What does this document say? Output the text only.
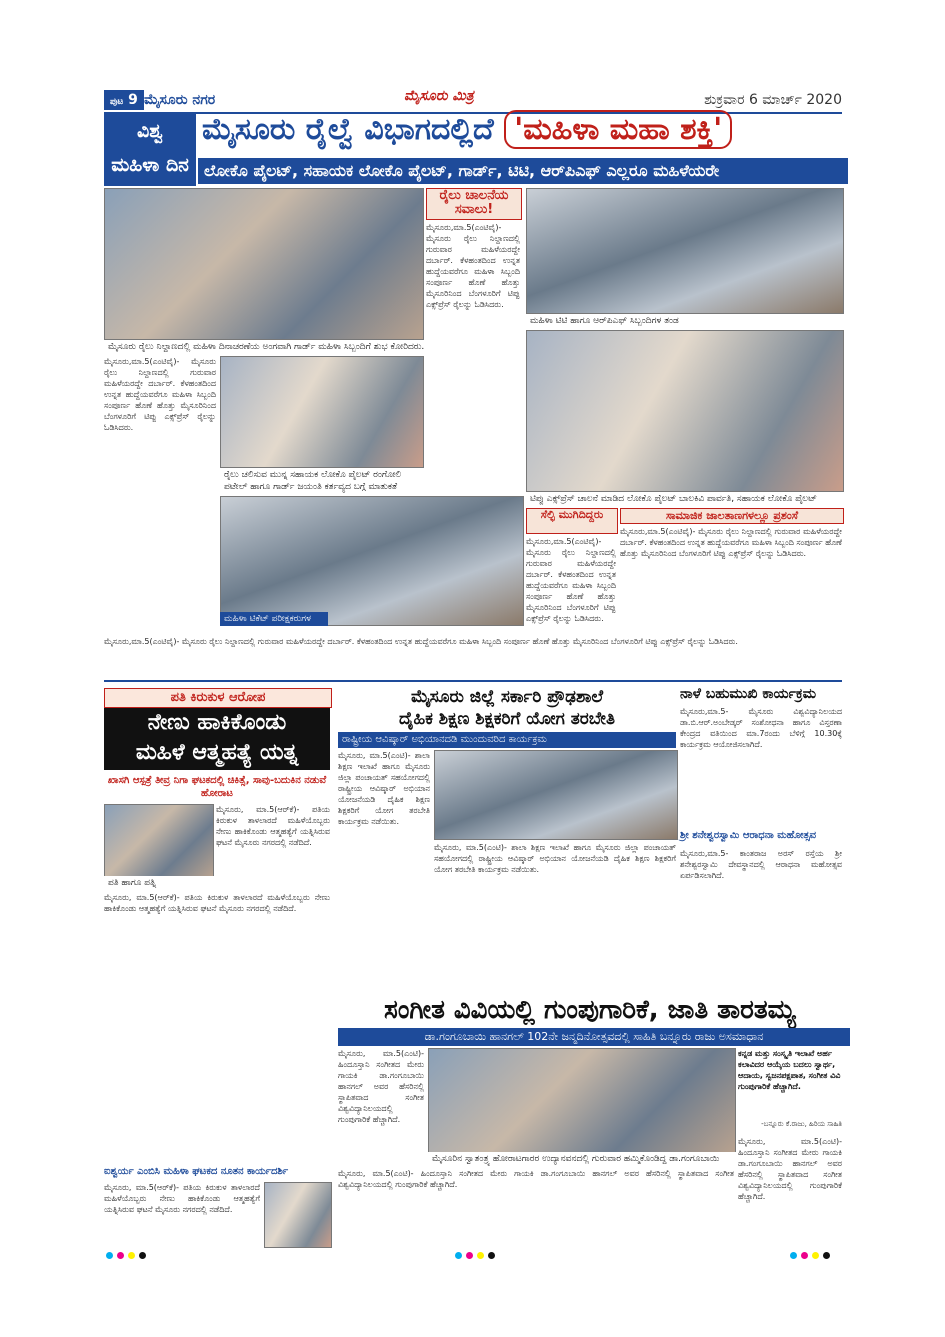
ಪುಟ 9 ಮೈಸೂರು ನಗರ	ಮೈಸೂರು ಮಿತ್ರ	ಶುಕ್ರವಾರ 6 ಮಾರ್ಚ್ 2020
ವಿಶ್ವ
ಮಹಿಳಾ ದಿನ
ಮೈಸೂರು ರೈಲ್ವೆ ವಿಭಾಗದಲ್ಲಿದೆ 'ಮಹಿಳಾ ಮಹಾ ಶಕ್ತಿ'
ಲೋಕೊ ಪೈಲಟ್, ಸಹಾಯಕ ಲೋಕೊ ಪೈಲಟ್, ಗಾರ್ಡ್, ಟಿಟಿ, ಆರ್‌ಪಿಎಫ್ ಎಲ್ಲರೂ ಮಹಿಳೆಯರೇ
ಮೈಸೂರು ರೈಲು ನಿಲ್ದಾಣದಲ್ಲಿ ಮಹಿಳಾ ದಿನಾಚರಣೆಯ ಅಂಗವಾಗಿ ಗಾರ್ಡ್ ಮಹಿಳಾ ಸಿಬ್ಬಂದಿಗೆ ಶುಭ ಕೋರಿದರು.
ರೈಲು ಚಾಲನೆಯ ಸವಾಲು!
ಮೈಸೂರು,ಮಾ.5(ಎಂಟಿವೈ)- ಮೈಸೂರು ರೈಲು ನಿಲ್ದಾಣದಲ್ಲಿ ಗುರುವಾರ ಮಹಿಳೆಯರದ್ದೇ ದರ್ಬಾರ್. ಕೆಳಹಂತದಿಂದ ಉನ್ನತ ಹುದ್ದೆಯವರೆಗೂ ಮಹಿಳಾ ಸಿಬ್ಬಂದಿ ಸಂಪೂರ್ಣ ಹೊಣೆ ಹೊತ್ತು ಮೈಸೂರಿನಿಂದ ಬೆಂಗಳೂರಿಗೆ ಟಿಪ್ಪು ಎಕ್ಸ್‌ಪ್ರೆಸ್ ರೈಲನ್ನು ಓಡಿಸಿದರು.
ಮಹಿಳಾ ಟಿಟಿ ಹಾಗೂ ಆರ್‌ಪಿಎಫ್ ಸಿಬ್ಬಂದಿಗಳ ತಂಡ
ಟಿಪ್ಪು ಎಕ್ಸ್‌ಪ್ರೆಸ್ ಚಾಲನೆ ಮಾಡಿದ ಲೋಕೊ ಪೈಲಟ್ ಬಾಲಕಿವಿ ಪಾರ್ವತಿ, ಸಹಾಯಕ ಲೋಕೊ ಪೈಲಟ್
ಮೈಸೂರು,ಮಾ.5(ಎಂಟಿವೈ)- ಮೈಸೂರು ರೈಲು ನಿಲ್ದಾಣದಲ್ಲಿ ಗುರುವಾರ ಮಹಿಳೆಯರದ್ದೇ ದರ್ಬಾರ್. ಕೆಳಹಂತದಿಂದ ಉನ್ನತ ಹುದ್ದೆಯವರೆಗೂ ಮಹಿಳಾ ಸಿಬ್ಬಂದಿ ಸಂಪೂರ್ಣ ಹೊಣೆ ಹೊತ್ತು ಮೈಸೂರಿನಿಂದ ಬೆಂಗಳೂರಿಗೆ ಟಿಪ್ಪು ಎಕ್ಸ್‌ಪ್ರೆಸ್ ರೈಲನ್ನು ಓಡಿಸಿದರು.
ರೈಲು ಚಲಿಸುವ ಮುನ್ನ ಸಹಾಯಕ ಲೋಕೊ ಪೈಲಟ್ ರಂಗೋಲಿ ಪಟೇಲ್ ಹಾಗೂ ಗಾರ್ಡ್ ಜಯಂತಿ ಕರ್ತವ್ಯದ ಬಗ್ಗೆ ಮಾತುಕತೆ
ಮಹಿಳಾ ಟಿಕೆಟ್ ಪರೀಕ್ಷಕರುಗಳ
ಸೆಲ್ಫಿ ಮುಗಿದಿದ್ದರು
ಮೈಸೂರು,ಮಾ.5(ಎಂಟಿವೈ)- ಮೈಸೂರು ರೈಲು ನಿಲ್ದಾಣದಲ್ಲಿ ಗುರುವಾರ ಮಹಿಳೆಯರದ್ದೇ ದರ್ಬಾರ್. ಕೆಳಹಂತದಿಂದ ಉನ್ನತ ಹುದ್ದೆಯವರೆಗೂ ಮಹಿಳಾ ಸಿಬ್ಬಂದಿ ಸಂಪೂರ್ಣ ಹೊಣೆ ಹೊತ್ತು ಮೈಸೂರಿನಿಂದ ಬೆಂಗಳೂರಿಗೆ ಟಿಪ್ಪು ಎಕ್ಸ್‌ಪ್ರೆಸ್ ರೈಲನ್ನು ಓಡಿಸಿದರು.
ಸಾಮಾಜಿಕ ಜಾಲತಾಣಗಳಲ್ಲೂ ಪ್ರಶಂಸೆ
ಮೈಸೂರು,ಮಾ.5(ಎಂಟಿವೈ)- ಮೈಸೂರು ರೈಲು ನಿಲ್ದಾಣದಲ್ಲಿ ಗುರುವಾರ ಮಹಿಳೆಯರದ್ದೇ ದರ್ಬಾರ್. ಕೆಳಹಂತದಿಂದ ಉನ್ನತ ಹುದ್ದೆಯವರೆಗೂ ಮಹಿಳಾ ಸಿಬ್ಬಂದಿ ಸಂಪೂರ್ಣ ಹೊಣೆ ಹೊತ್ತು ಮೈಸೂರಿನಿಂದ ಬೆಂಗಳೂರಿಗೆ ಟಿಪ್ಪು ಎಕ್ಸ್‌ಪ್ರೆಸ್ ರೈಲನ್ನು ಓಡಿಸಿದರು.
ಮೈಸೂರು,ಮಾ.5(ಎಂಟಿವೈ)- ಮೈಸೂರು ರೈಲು ನಿಲ್ದಾಣದಲ್ಲಿ ಗುರುವಾರ ಮಹಿಳೆಯರದ್ದೇ ದರ್ಬಾರ್. ಕೆಳಹಂತದಿಂದ ಉನ್ನತ ಹುದ್ದೆಯವರೆಗೂ ಮಹಿಳಾ ಸಿಬ್ಬಂದಿ ಸಂಪೂರ್ಣ ಹೊಣೆ ಹೊತ್ತು ಮೈಸೂರಿನಿಂದ ಬೆಂಗಳೂರಿಗೆ ಟಿಪ್ಪು ಎಕ್ಸ್‌ಪ್ರೆಸ್ ರೈಲನ್ನು ಓಡಿಸಿದರು.
ಪತಿ ಕಿರುಕುಳ ಆರೋಪ
ನೇಣು ಹಾಕಿಕೊಂಡು
ಮಹಿಳೆ ಆತ್ಮಹತ್ಯೆ ಯತ್ನ
ಖಾಸಗಿ ಆಸ್ಪತ್ರೆ ತೀವ್ರ ನಿಗಾ ಘಟಕದಲ್ಲಿ ಚಿಕಿತ್ಸೆ, ಸಾವು-ಬದುಕಿನ ನಡುವೆ ಹೋರಾಟ
ಪತಿ ಹಾಗೂ ಪತ್ನಿ
ಮೈಸೂರು, ಮಾ.5(ಆರ್‌ಕೆ)- ಪತಿಯ ಕಿರುಕುಳ ತಾಳಲಾರದೆ ಮಹಿಳೆಯೊಬ್ಬರು ನೇಣು ಹಾಕಿಕೊಂಡು ಆತ್ಮಹತ್ಯೆಗೆ ಯತ್ನಿಸಿರುವ ಘಟನೆ ಮೈಸೂರು ನಗರದಲ್ಲಿ ನಡೆದಿದೆ.
ಮೈಸೂರು, ಮಾ.5(ಆರ್‌ಕೆ)- ಪತಿಯ ಕಿರುಕುಳ ತಾಳಲಾರದೆ ಮಹಿಳೆಯೊಬ್ಬರು ನೇಣು ಹಾಕಿಕೊಂಡು ಆತ್ಮಹತ್ಯೆಗೆ ಯತ್ನಿಸಿರುವ ಘಟನೆ ಮೈಸೂರು ನಗರದಲ್ಲಿ ನಡೆದಿದೆ.
ಐಶ್ವರ್ಯ ಎಂಬಿಸಿ ಮಹಿಳಾ ಘಟಕದ ನೂತನ ಕಾರ್ಯದರ್ಶಿ
ಮೈಸೂರು, ಮಾ.5(ಆರ್‌ಕೆ)- ಪತಿಯ ಕಿರುಕುಳ ತಾಳಲಾರದೆ ಮಹಿಳೆಯೊಬ್ಬರು ನೇಣು ಹಾಕಿಕೊಂಡು ಆತ್ಮಹತ್ಯೆಗೆ ಯತ್ನಿಸಿರುವ ಘಟನೆ ಮೈಸೂರು ನಗರದಲ್ಲಿ ನಡೆದಿದೆ.
ಮೈಸೂರು ಜಿಲ್ಲೆ ಸರ್ಕಾರಿ ಪ್ರೌಢಶಾಲೆ
ದೈಹಿಕ ಶಿಕ್ಷಣ ಶಿಕ್ಷಕರಿಗೆ ಯೋಗ ತರಬೇತಿ
ರಾಷ್ಟ್ರೀಯ ಆವಿಷ್ಕಾರ್ ಅಭಿಯಾನದಡಿ ಮುಂದುವರಿದ ಕಾರ್ಯಕ್ರಮ
ಮೈಸೂರು, ಮಾ.5(ಎಂಟಿ)- ಶಾಲಾ ಶಿಕ್ಷಣ ಇಲಾಖೆ ಹಾಗೂ ಮೈಸೂರು ಜಿಲ್ಲಾ ಪಂಚಾಯತ್ ಸಹಯೋಗದಲ್ಲಿ ರಾಷ್ಟ್ರೀಯ ಆವಿಷ್ಕಾರ್ ಅಭಿಯಾನ ಯೋಜನೆಯಡಿ ದೈಹಿಕ ಶಿಕ್ಷಣ ಶಿಕ್ಷಕರಿಗೆ ಯೋಗ ತರಬೇತಿ ಕಾರ್ಯಕ್ರಮ ನಡೆಯಿತು.
ಮೈಸೂರು, ಮಾ.5(ಎಂಟಿ)- ಶಾಲಾ ಶಿಕ್ಷಣ ಇಲಾಖೆ ಹಾಗೂ ಮೈಸೂರು ಜಿಲ್ಲಾ ಪಂಚಾಯತ್ ಸಹಯೋಗದಲ್ಲಿ ರಾಷ್ಟ್ರೀಯ ಆವಿಷ್ಕಾರ್ ಅಭಿಯಾನ ಯೋಜನೆಯಡಿ ದೈಹಿಕ ಶಿಕ್ಷಣ ಶಿಕ್ಷಕರಿಗೆ ಯೋಗ ತರಬೇತಿ ಕಾರ್ಯಕ್ರಮ ನಡೆಯಿತು.
ನಾಳೆ ಬಹುಮುಖಿ ಕಾರ್ಯಕ್ರಮ
ಮೈಸೂರು,ಮಾ.5- ಮೈಸೂರು ವಿಶ್ವವಿದ್ಯಾನಿಲಯದ ಡಾ.ಬಿ.ಆರ್.ಅಂಬೇಡ್ಕರ್ ಸಂಶೋಧನಾ ಹಾಗೂ ವಿಸ್ತರಣಾ ಕೇಂದ್ರದ ವತಿಯಿಂದ ಮಾ.7ರಂದು ಬೆಳಿಗ್ಗೆ 10.30ಕ್ಕೆ ಕಾರ್ಯಕ್ರಮ ಆಯೋಜಿಸಲಾಗಿದೆ.
ಶ್ರೀ ಶನೇಶ್ವರಸ್ವಾಮಿ ಆರಾಧನಾ ಮಹೋತ್ಸವ
ಮೈಸೂರು,ಮಾ.5- ಕಾಂತರಾಜ ಅರಸ್ ರಸ್ತೆಯ ಶ್ರೀ ಶನೇಶ್ವರಸ್ವಾಮಿ ದೇವಸ್ಥಾನದಲ್ಲಿ ಆರಾಧನಾ ಮಹೋತ್ಸವ ಏರ್ಪಡಿಸಲಾಗಿದೆ.
ಸಂಗೀತ ವಿವಿಯಲ್ಲಿ ಗುಂಪುಗಾರಿಕೆ, ಜಾತಿ ತಾರತಮ್ಯ
ಡಾ.ಗಂಗೂಬಾಯಿ ಹಾನಗಲ್ 102ನೇ ಜನ್ಮದಿನೋತ್ಸವದಲ್ಲಿ ಸಾಹಿತಿ ಬನ್ನೂರು ರಾಜು ಅಸಮಾಧಾನ
ಮೈಸೂರು, ಮಾ.5(ಎಂಟಿ)- ಹಿಂದೂಸ್ತಾನಿ ಸಂಗೀತದ ಮೇರು ಗಾಯಕಿ ಡಾ.ಗಂಗೂಬಾಯಿ ಹಾನಗಲ್ ಅವರ ಹೆಸರಿನಲ್ಲಿ ಸ್ಥಾಪಿತವಾದ ಸಂಗೀತ ವಿಶ್ವವಿದ್ಯಾನಿಲಯದಲ್ಲಿ ಗುಂಪುಗಾರಿಕೆ ಹೆಚ್ಚಾಗಿದೆ.
ಮೈಸೂರಿನ ಸ್ವಾತಂತ್ರ್ಯ ಹೋರಾಟಗಾರರ ಉದ್ಯಾನವನದಲ್ಲಿ ಗುರುವಾರ ಹಮ್ಮಿಕೊಂಡಿದ್ದ ಡಾ.ಗಂಗೂಬಾಯಿ
ಕನ್ನಡ ಮತ್ತು ಸಂಸ್ಕೃತಿ ಇಲಾಖೆ ಅರ್ಹ ಕಲಾವಿದರ ಆಯ್ಕೆಯ ಬದಲು ಸ್ವಾರ್ಥ, ಆದಾಯ, ಸ್ವಜನಪಕ್ಷಪಾತ, ಸಂಗೀತ ವಿವಿ ಗುಂಪುಗಾರಿಕೆ ಹೆಚ್ಚಾಗಿದೆ.
-ಬನ್ನೂರು ಕೆ.ರಾಜು, ಹಿರಿಯ ಸಾಹಿತಿ
ಮೈಸೂರು, ಮಾ.5(ಎಂಟಿ)- ಹಿಂದೂಸ್ತಾನಿ ಸಂಗೀತದ ಮೇರು ಗಾಯಕಿ ಡಾ.ಗಂಗೂಬಾಯಿ ಹಾನಗಲ್ ಅವರ ಹೆಸರಿನಲ್ಲಿ ಸ್ಥಾಪಿತವಾದ ಸಂಗೀತ ವಿಶ್ವವಿದ್ಯಾನಿಲಯದಲ್ಲಿ ಗುಂಪುಗಾರಿಕೆ ಹೆಚ್ಚಾಗಿದೆ.
ಮೈಸೂರು, ಮಾ.5(ಎಂಟಿ)- ಹಿಂದೂಸ್ತಾನಿ ಸಂಗೀತದ ಮೇರು ಗಾಯಕಿ ಡಾ.ಗಂಗೂಬಾಯಿ ಹಾನಗಲ್ ಅವರ ಹೆಸರಿನಲ್ಲಿ ಸ್ಥಾಪಿತವಾದ ಸಂಗೀತ ವಿಶ್ವವಿದ್ಯಾನಿಲಯದಲ್ಲಿ ಗುಂಪುಗಾರಿಕೆ ಹೆಚ್ಚಾಗಿದೆ.
